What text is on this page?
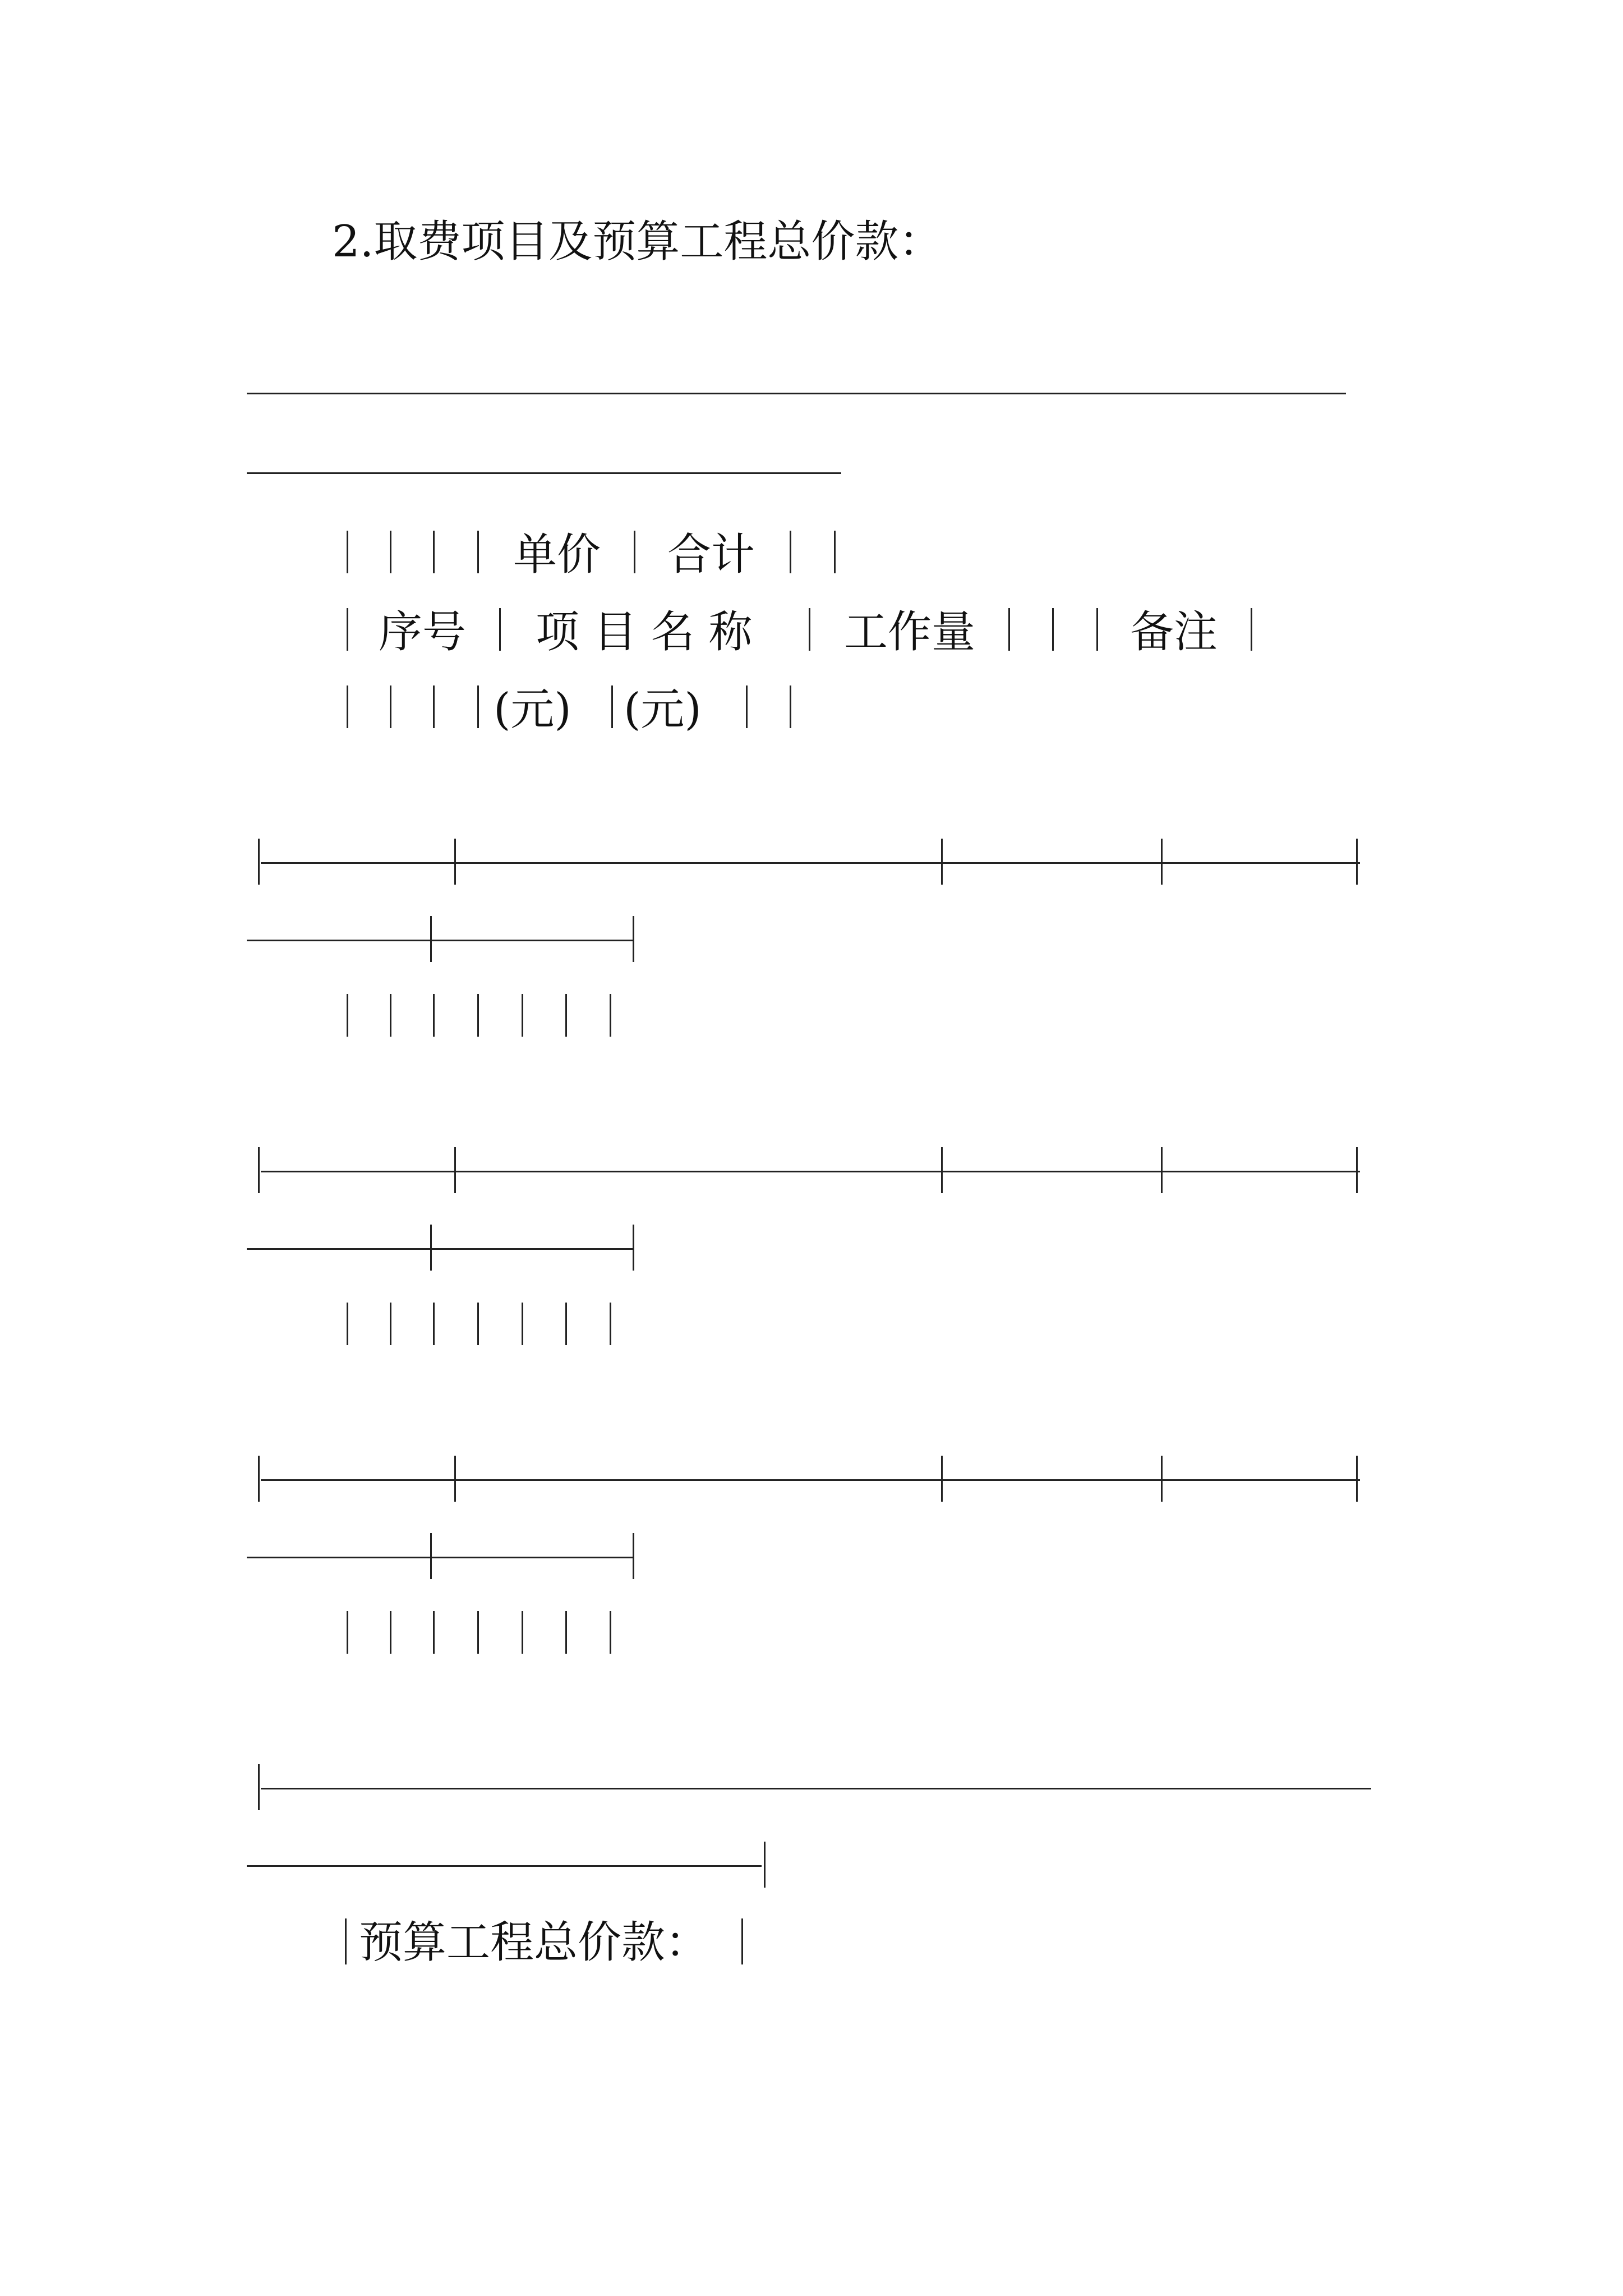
2.取费项目及预算工程总价款：
单价 合计
序号 项 目 名 称 工作量	备注
(元) (元)
预算工程总价款：
